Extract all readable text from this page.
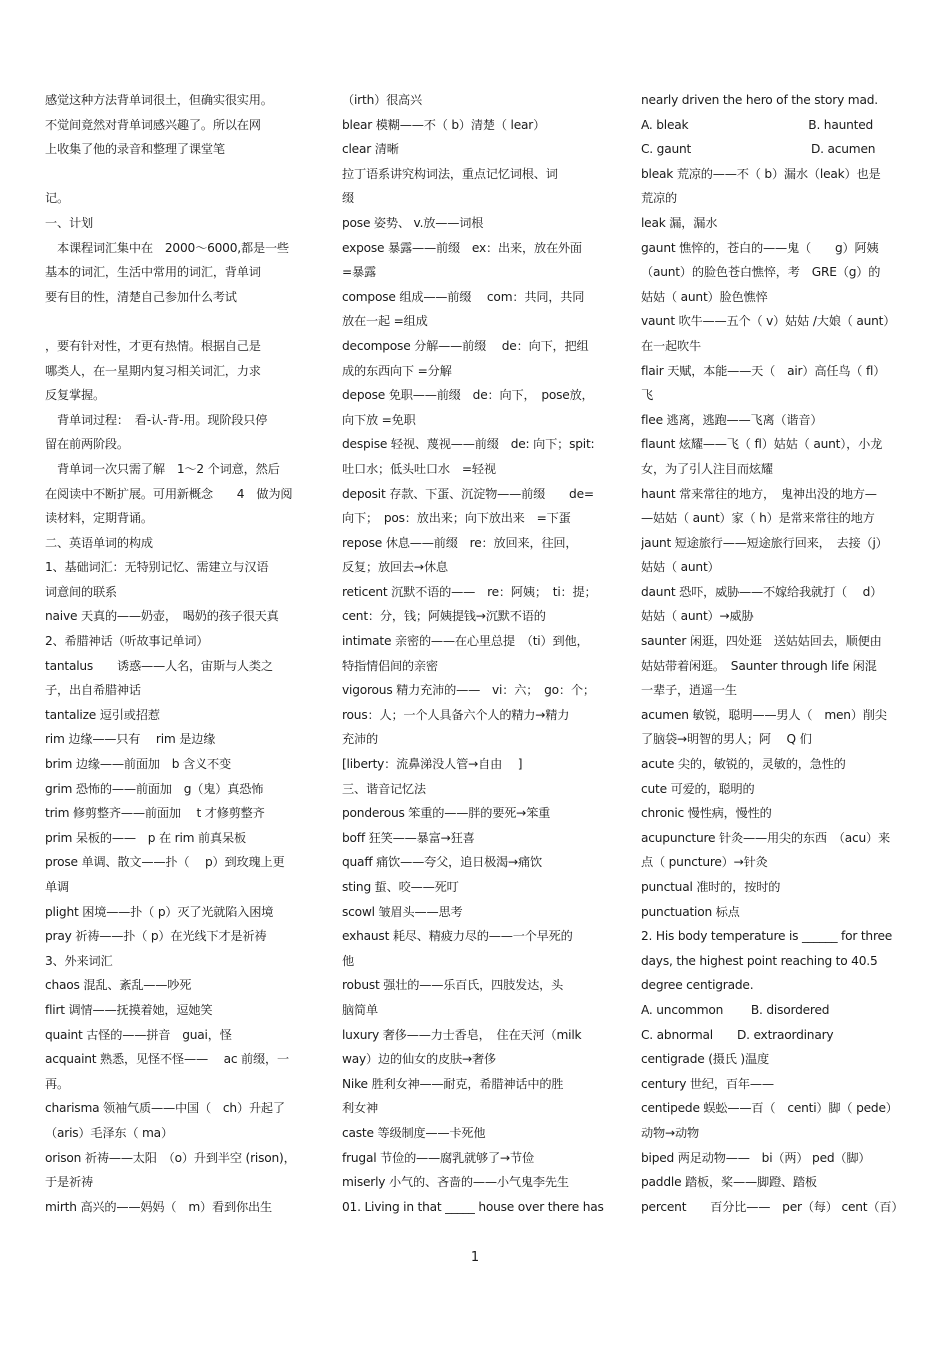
感觉这种方法背单词很土，但确实很实用。
不觉间竟然对背单词感兴趣了。所以在网
上收集了他的录音和整理了课堂笔
记。
一、计划
　本课程词汇集中在　2000～6000,都是一些
基本的词汇，生活中常用的词汇，背单词
要有目的性，清楚自己参加什么考试
，要有针对性，才更有热情。根据自己是
哪类人，在一星期内复习相关词汇，力求
反复掌握。
　背单词过程：　看-认-背-用。现阶段只停
留在前两阶段。
　背单词一次只需了解　1～2 个词意，然后
在阅读中不断扩展。可用新概念　　4　做为阅
读材料，定期背诵。
二、英语单词的构成
1、基础词汇：无特别记忆、需建立与汉语
词意间的联系
naive 天真的——奶壶，　喝奶的孩子很天真
2、希腊神话（听故事记单词）
tantalus　　诱惑——人名，宙斯与人类之
子，出自希腊神话
tantalize 逗引或招惹
rim 边缘——只有　 rim 是边缘
brim 边缘——前面加　b 含义不变
grim 恐怖的——前面加　g（鬼）真恐怖
trim 修剪整齐——前面加　 t 才修剪整齐
prim 呆板的——　p 在 rim 前真呆板
prose 单调、散文——扑（　 p）到玫瑰上更
单调
plight 困境——扑（ p）灭了光就陷入困境
pray 祈祷——扑（ p）在光线下才是祈祷
3、外来词汇
chaos 混乱、紊乱——吵死
flirt 调情——抚摸着她，逗她笑
quaint 古怪的——拼音　guai，怪
acquaint 熟悉，见怪不怪——　 ac 前缀，一
再。
charisma 领袖气质——中国（　ch）升起了
（aris）毛泽东（ ma）
orison 祈祷——太阳　（o）升到半空 (rison)，
于是祈祷
mirth 高兴的——妈妈（　m）看到你出生
（irth）很高兴
blear 模糊——不（ b）清楚（ lear）
clear 清晰
拉丁语系讲究构词法，重点记忆词根、词
缀
pose 姿势、 v.放——词根
expose 暴露——前缀　ex：出来，放在外面
=暴露
compose 组成——前缀　 com：共同，共同
放在一起 =组成
decompose 分解——前缀　 de：向下，把组
成的东西向下 =分解
depose 免职——前缀　de：向下，　pose放，
向下放 =免职
despise 轻视、蔑视——前缀　de: 向下；spit:
吐口水；低头吐口水　=轻视
deposit 存款、下蛋、沉淀物——前缀　　de=
向下；　pos：放出来；向下放出来　=下蛋
repose 休息——前缀　re：放回来，往回，
反复；放回去→休息
reticent 沉默不语的——　re：阿姨；　ti：提；
cent：分，钱；阿姨提钱→沉默不语的
intimate 亲密的——在心里总提　（ti）到他，
特指情侣间的亲密
vigorous 精力充沛的——　vi：六；　go：个；
rous：人；一个人具备六个人的精力→精力
充沛的
[liberty：流鼻涕没人管→自由　 ]
三、谐音记忆法
ponderous 笨重的——胖的要死→笨重
boff 狂笑——暴富→狂喜
quaff 痛饮——夸父，追日极渴→痛饮
sting 蜇、咬——死叮
scowl 皱眉头——思考
exhaust 耗尽、精疲力尽的——一个早死的
他
robust 强壮的——乐百氏，四肢发达，头
脑简单
luxury 奢侈——力士香皂，　住在天河（milk
way）边的仙女的皮肤→奢侈
Nike 胜利女神——耐克，希腊神话中的胜
利女神
caste 等级制度——卡死他
frugal 节俭的——腐乳就够了→节俭
miserly 小气的、吝啬的——小气鬼李先生
01. Living in that _____ house over there has
nearly driven the hero of the story mad.
A. bleak　　　　　　　　　　B. haunted
C. gaunt　　　　　　　　　　D. acumen
bleak 荒凉的——不（ b）漏水（leak）也是
荒凉的
leak 漏，漏水
gaunt 憔悴的，苍白的——鬼（　　g）阿姨
（aunt）的脸色苍白憔悴，考　GRE（g）的
姑姑（ aunt）脸色憔悴
vaunt 吹牛——五个（ v）姑姑 /大娘（ aunt）
在一起吹牛
flair 天赋，本能——天（　air）高任鸟（ fl）
飞
flee 逃离，逃跑——飞离（谐音）
flaunt 炫耀——飞（ fl）姑姑（ aunt），小龙
女，为了引人注目而炫耀
haunt 常来常往的地方，　鬼神出没的地方—
—姑姑（ aunt）家（ h）是常来常往的地方
jaunt 短途旅行——短途旅行回来，　去接（j）
姑姑（ aunt）
daunt 恐吓，威胁——不嫁给我就打（　 d）
姑姑（ aunt）→威胁
saunter 闲逛，四处逛　送姑姑回去，顺便由
姑姑带着闲逛。　Saunter through life 闲混
一辈子，逍遥一生
acumen 敏锐，聪明——男人（　men）削尖
了脑袋→明智的男人；阿　 Q 们
acute 尖的，敏锐的，灵敏的，急性的
cute 可爱的，聪明的
chronic 慢性病，慢性的
acupuncture 针灸——用尖的东西　（acu）来
点（ puncture）→针灸
punctual 准时的，按时的
punctuation 标点
2. His body temperature is ______ for three
days, the highest point reaching to 40.5
degree centigrade.
A. uncommon　　 B. disordered
C. abnormal　　D. extraordinary
centigrade (摄氏 )温度
century 世纪，百年——
centipede 蜈蚣——百（　centi）脚（ pede）
动物→动物
biped 两足动物——　bi（两） ped（脚）
paddle 踏板，桨——脚蹬、踏板
percent　　百分比——　per（每） cent（百）
1
